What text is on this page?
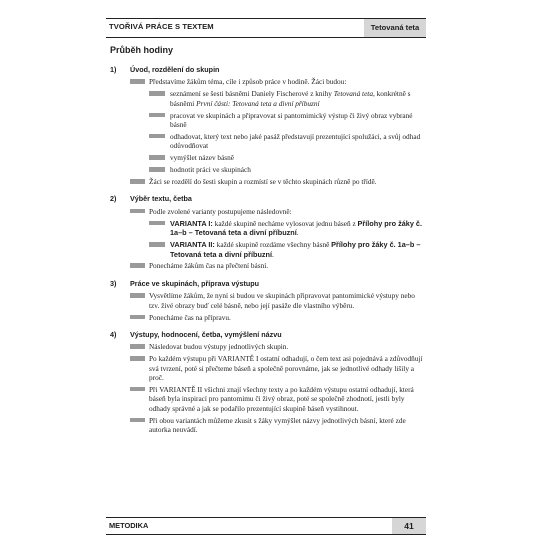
TVOŘIVÁ PRÁCE S TEXTEM	Tetovaná teta
Průběh hodiny
1) Úvod, rozdělení do skupin
Představíme žákům téma, cíle i způsob práce v hodině. Žáci budou:
seznámení se šesti básněmi Daniely Fischerové z knihy Tetovaná teta, konkrétně s básněmi První části: Tetovaná teta a divní příbuzní
pracovat ve skupinách a připravovat si pantomimický výstup či živý obraz vybrané básně
odhadovat, který text nebo jaké pasáž představují prezentující spolužáci, a svůj odhad odůvodňovat
vymýšlet název básně
hodnotit práci ve skupinách
Žáci se rozdělí do šesti skupin a rozmístí se v těchto skupinách různě po třídě.
2) Výběr textu, četba
Podle zvolené varianty postupujeme následovně:
VARIANTA I: každé skupině necháme vylosovat jednu báseň z Přílohy pro žáky č. 1a–b – Tetovaná teta a divní příbuzní.
VARIANTA II: každé skupině rozdáme všechny básně Přílohy pro žáky č. 1a–b – Tetovaná teta a divní příbuzní.
Ponecháme žákům čas na přečtení básní.
3) Práce ve skupinách, příprava výstupu
Vysvětlíme žákům, že nyní si budou ve skupinách připravovat pantomimické výstupy nebo tzv. živé obrazy buď celé básně, nebo její pasáže dle vlastního výběru.
Ponecháme čas na přípravu.
4) Výstupy, hodnocení, četba, vymýšlení názvu
Následovat budou výstupy jednotlivých skupin.
Po každém výstupu při VARIANTĚ I ostatní odhadují, o čem text asi pojednává a zdůvodňují svá tvrzení, poté si přečteme báseň a společně porovnáme, jak se jednotlivé odhady lišily a proč.
Při VARIANTĚ II všichni znají všechny texty a po každém výstupu ostatní odhadují, která báseň byla inspirací pro pantomimu či živý obraz, poté se společně zhodnotí, jestli byly odhady správné a jak se podařilo prezentující skupině báseň vystihnout.
Při obou variantách můžeme zkusit s žáky vymýšlet názvy jednotlivých básní, které zde autorka neuvádí.
METODIKA	41
